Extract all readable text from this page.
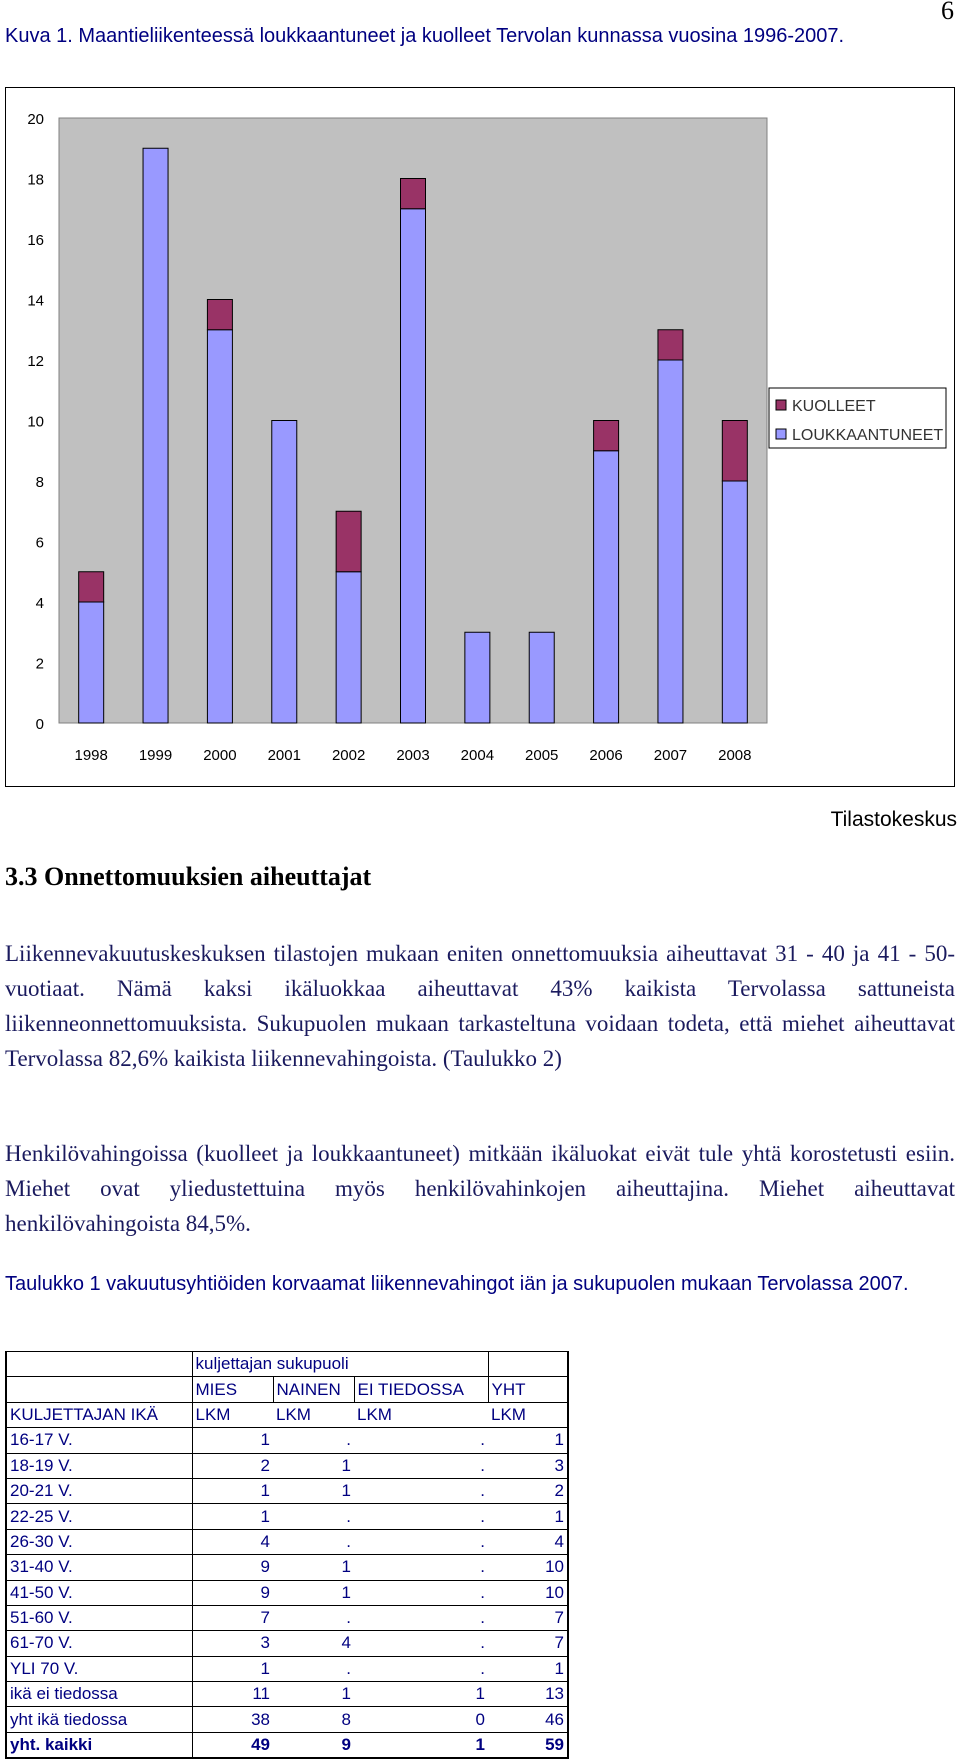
6
Kuva 1. Maantieliikenteessä loukkaantuneet ja kuolleet Tervolan kunnassa vuosina 1996-2007.
0
2
4
6
8
10
12
14
16
18
20
1998 1999 2000 2001 2002 2003 2004 2005 2006 2007 2008
KUOLLEET
LOUKKAANTUNEET
Tilastokeskus
3.3 Onnettomuuksien aiheuttajat
Liikennevakuutuskeskuksen tilastojen mukaan eniten onnettomuuksia aiheuttavat 31 - 40 ja 41 - 50-vuotiaat. Nämä kaksi ikäluokkaa aiheuttavat 43% kaikista Tervolassa sattuneista liikenneonnettomuuksista. Sukupuolen mukaan tarkasteltuna voidaan todeta, että miehet aiheuttavat Tervolassa 82,6% kaikista liikennevahingoista. (Taulukko 2)
Henkilövahingoissa (kuolleet ja loukkaantuneet) mitkään ikäluokat eivät tule yhtä korostetusti esiin. Miehet ovat yliedustettuina myös henkilövahinkojen aiheuttajina. Miehet aiheuttavat henkilövahingoista 84,5%.
Taulukko 1 vakuutusyhtiöiden korvaamat liikennevahingot iän ja sukupuolen mukaan Tervolassa 2007.
	kuljettajan sukupuoli			
	MIES	NAINEN	EI TIEDOSSA	YHT
KULJETTAJAN IKÄ	LKM	LKM	LKM	LKM
16-17 V.	1	.	.	1
18-19 V.	2	1	.	3
20-21 V.	1	1	.	2
22-25 V.	1	.	.	1
26-30 V.	4	.	.	4
31-40 V.	9	1	.	10
41-50 V.	9	1	.	10
51-60 V.	7	.	.	7
61-70 V.	3	4	.	7
YLI 70 V.	1	.	.	1
ikä ei tiedossa	11	1	1	13
yht ikä tiedossa	38	8	0	46
yht. kaikki	49	9	1	59
